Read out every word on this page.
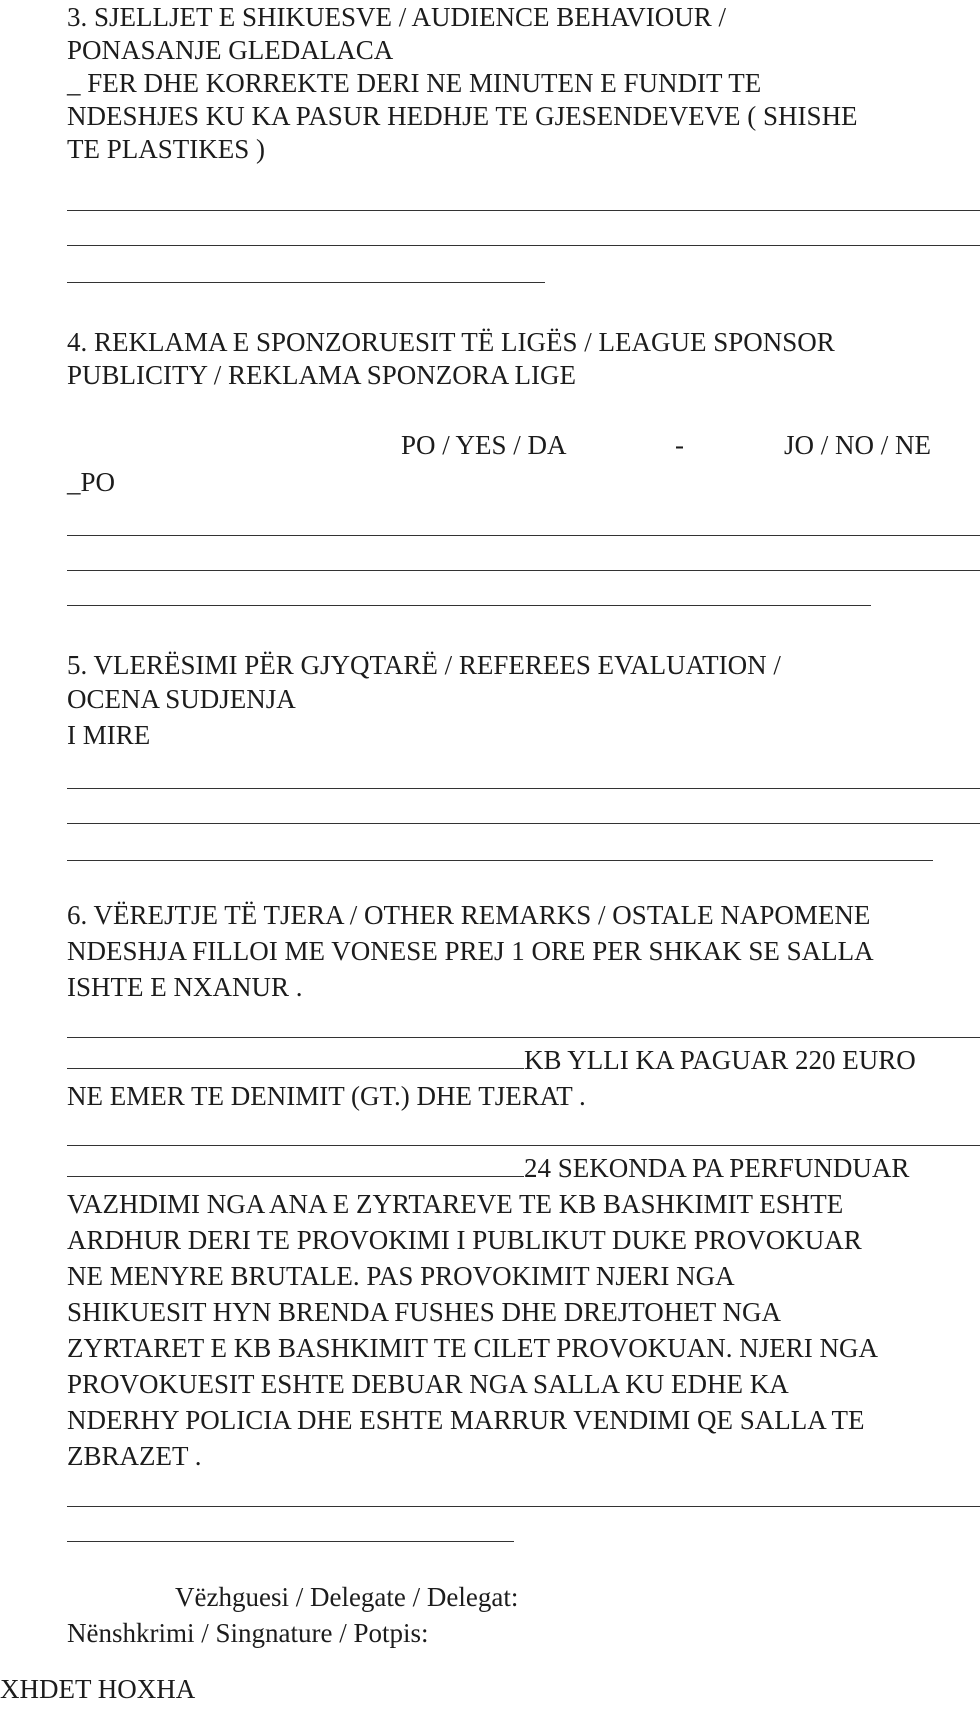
3. SJELLJET E SHIKUESVE / AUDIENCE BEHAVIOUR /
PONASANJE GLEDALACA
_ FER DHE KORREKTE DERI NE MINUTEN E FUNDIT TE
NDESHJES KU KA PASUR HEDHJE TE GJESENDEVEVE ( SHISHE
TE PLASTIKES )
4. REKLAMA E SPONZORUESIT TË LIGËS / LEAGUE SPONSOR
PUBLICITY / REKLAMA SPONZORA LIGE
PO / YES / DA	-	JO / NO / NE
_PO
5. VLERËSIMI PËR GJYQTARË / REFEREES EVALUATION /
OCENA SUDJENJA
I MIRE
6. VËREJTJE TË TJERA / OTHER REMARKS / OSTALE NAPOMENE
NDESHJA FILLOI ME VONESE PREJ 1 ORE PER SHKAK SE SALLA
ISHTE E NXANUR .
KB YLLI KA PAGUAR 220 EURO
NE EMER TE DENIMIT (GT.) DHE TJERAT .
24 SEKONDA PA PERFUNDUAR
VAZHDIMI NGA ANA E ZYRTAREVE TE KB BASHKIMIT ESHTE
ARDHUR DERI TE PROVOKIMI I PUBLIKUT DUKE PROVOKUAR
NE MENYRE BRUTALE. PAS PROVOKIMIT NJERI NGA
SHIKUESIT HYN BRENDA FUSHES DHE DREJTOHET NGA
ZYRTARET E KB BASHKIMIT TE CILET PROVOKUAN. NJERI NGA
PROVOKUESIT ESHTE DEBUAR NGA SALLA KU EDHE KA
NDERHY POLICIA DHE ESHTE MARRUR VENDIMI QE SALLA TE
ZBRAZET .
Vëzhguesi / Delegate / Delegat:
Nënshkrimi / Singnature / Potpis:
XHDET HOXHA
